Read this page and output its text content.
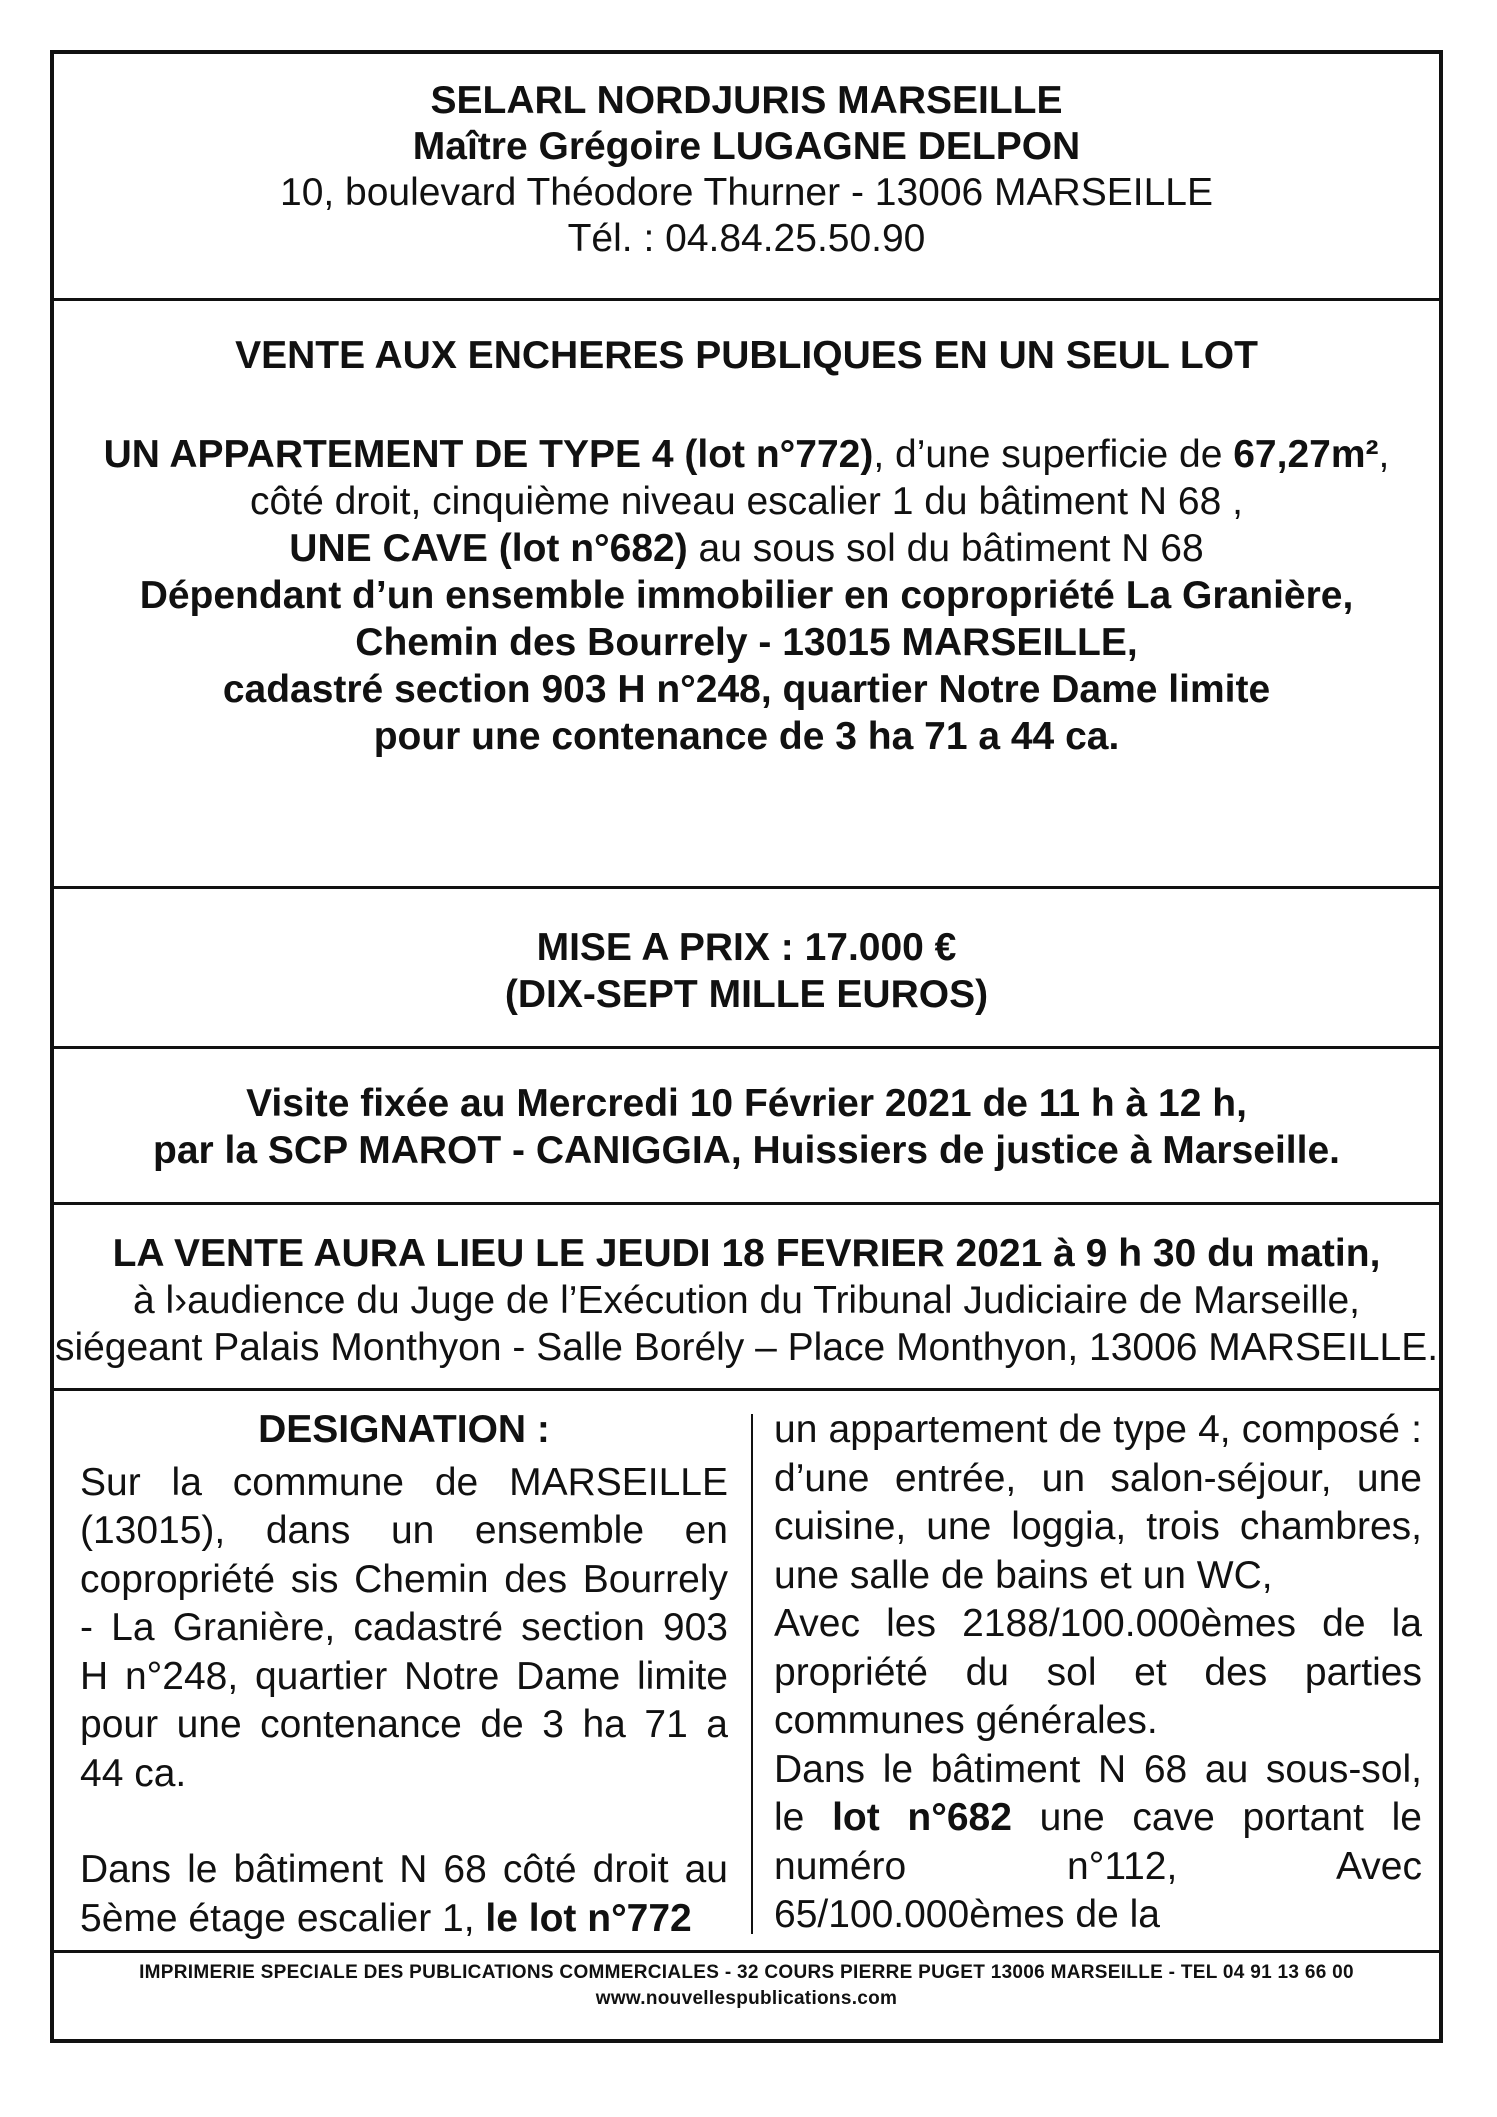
SELARL NORDJURIS MARSEILLE
Maître Grégoire LUGAGNE DELPON
10, boulevard Théodore Thurner - 13006 MARSEILLE
Tél. : 04.84.25.50.90
VENTE AUX ENCHERES PUBLIQUES EN UN SEUL LOT
UN APPARTEMENT DE TYPE 4 (lot n°772), d’une superficie de 67,27m²,
côté droit, cinquième niveau escalier 1 du bâtiment N 68 ,
UNE CAVE (lot n°682) au sous sol du bâtiment N 68
Dépendant d’un ensemble immobilier en copropriété La Granière,
Chemin des Bourrely - 13015 MARSEILLE,
cadastré section 903 H n°248, quartier Notre Dame limite
pour une contenance de 3 ha 71 a 44 ca.
MISE A PRIX : 17.000 €
(DIX-SEPT MILLE EUROS)
Visite fixée au Mercredi 10 Février 2021 de 11 h à 12 h,
par la SCP MAROT - CANIGGIA, Huissiers de justice à Marseille.
LA VENTE AURA LIEU LE JEUDI 18 FEVRIER 2021 à 9 h 30 du matin,
à l›audience du Juge de l’Exécution du Tribunal Judiciaire de Marseille,
siégeant Palais Monthyon - Salle Borély – Place Monthyon, 13006 MARSEILLE.
DESIGNATION :

Sur la commune de MARSEILLE (13015), dans un ensemble en copropriété sis Chemin des Bourrely - La Granière, cadastré section 903 H n°248, quartier Notre Dame limite pour une contenance de 3 ha 71 a 44 ca.

Dans le bâtiment N 68 côté droit au 5ème étage escalier 1, le lot n°772

un appartement de type 4, composé : d’une entrée, un salon-séjour, une cuisine, une loggia, trois chambres, une salle de bains et un WC,

Avec les 2188/100.000èmes de la propriété du sol et des parties communes générales.

Dans le bâtiment N 68 au sous-sol, le lot n°682 une cave portant le numéro n°112, Avec 65/100.000èmes de la

IMPRIMERIE SPECIALE DES PUBLICATIONS COMMERCIALES - 32 COURS PIERRE PUGET 13006 MARSEILLE - TEL 04 91 13 66 00
www.nouvellespublications.com
